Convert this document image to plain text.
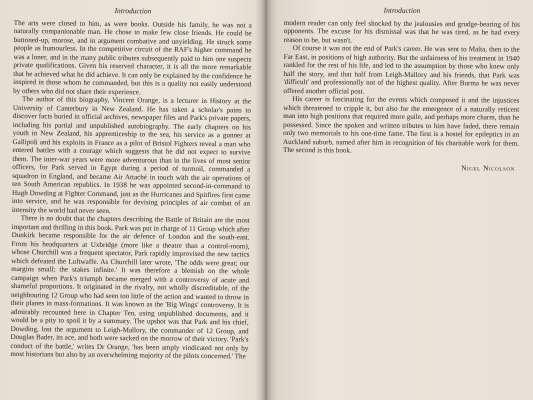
Introduction

The arts were closed to him, as were books. Outside his family, he was not a naturally companionable man. He chose to make few close friends. He could be buttoned-up, morose, and in argument combative and unyielding. He struck some people as humourless. In the competitive circuit of the RAF's higher command he was a loner, and in the many public tributes subsequently paid to him one suspects private qualifications. Given his reserved character, it is all the more remarkable that he achieved what he did achieve. It can only be explained by the confidence he inspired in those whom he commanded, but this is a quality not easily understood by others who did not share their experience.

The author of this biography, Vincent Orange, is a lecturer in History at the University of Canterbury in New Zealand. He has taken a scholar's pains to discover facts buried in official archives, newspaper files and Park's private papers, including his partial and unpublished autobiography. The early chapters on his youth in New Zealand, his apprenticeship to the sea, his service as a gunner at Gallipoli and his exploits in France as a pilot of Bristol Fighters reveal a man who entered battles with a courage which suggests that he did not expect to survive them. The inter-war years were more adventurous than in the lives of most senior officers, for Park served in Egypt during a period of turmoil, commanded a squadron in England, and became Air Attaché in touch with the air operations of ten South American republics. In 1938 he was appointed second-in-command to Hugh Dowding at Fighter Command, just as the Hurricanes and Spitfires first came into service, and he was responsible for devising principles of air combat of an intensity the world had never seen.

There is no doubt that the chapters describing the Battle of Britain are the most important and thrilling in this book. Park was put in charge of 11 Group which after Dunkirk became responsible for the air defence of London and the south-east. From his headquarters at Uxbridge (more like a theatre than a control-room), whose Churchill was a frequent spectator, Park rapidly improvised the new tactics which defeated the Luftwaffe. As Churchill later wrote, 'The odds were great; our margins small; the stakes infinite.' It was therefore a blemish on the whole campaign when Park's triumph became merged with a controversy of acute and shameful proportions. It originated in the rivalry, not wholly discreditable, of the neighbouring 12 Group who had seen too little of the action and wanted to throw in their planes in mass-formations. It was known as the 'Big Wings' controversy. It is admirably recounted here in Chapter Ten, using unpublished documents, and it would be a pity to spoil it by a summary. The upshot was that Park and his chief, Dowding, lost the argument to Leigh-Mallory, the commander of 12 Group, and Douglas Bader, its ace, and both were sacked on the morrow of their victory. 'Park's conduct of the battle,' writes Dr Orange, 'has been amply vindicated not only by most historians but also by an overwhelming majority of the pilots concerned.' The

Introduction

modern reader can only feel shocked by the jealousies and grudge-bearing of his opponents. The excuse for his dismissal was that he was tired, as he had every reason to be, but wasn't.

Of course it was not the end of Park's career. He was sent to Malta, then to the Far East, in positions of high authority. But the unfairness of his treatment in 1940 rankled for the rest of his life, and led to the assumption by those who knew only half the story, and that half from Leigh-Mallory and his friends, that Park was 'difficult' and professionally not of the highest quality. After Burma he was never offered another official post.

His career is fascinating for the events which composed it and the injustices which threatened to cripple it, but also for the emergence of a naturally reticent man into high positions that required more guile, and perhaps more charm, than he possessed. Since the spoken and written tributes to him have faded, there remain only two memorials to his one-time fame. The first is a hostel for epileptics in an Auckland suburb, named after him in recognition of his charitable work for them. The second is this book.

Nigel Nicolson
